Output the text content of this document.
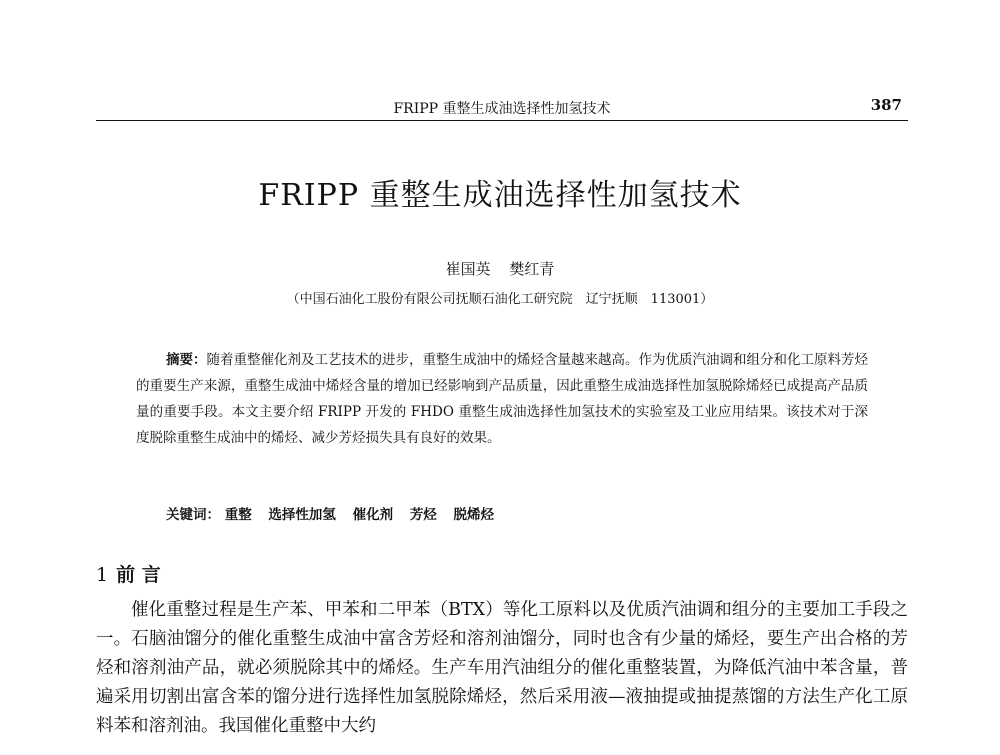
FRIPP 重整生成油选择性加氢技术	387
FRIPP 重整生成油选择性加氢技术
崔国英 樊红青
（中国石油化工股份有限公司抚顺石油化工研究院　辽宁抚顺　113001）
摘要：随着重整催化剂及工艺技术的进步，重整生成油中的烯烃含量越来越高。作为优质汽油调和组分和化工原料芳烃的重要生产来源，重整生成油中烯烃含量的增加已经影响到产品质量，因此重整生成油选择性加氢脱除烯烃已成提高产品质量的重要手段。本文主要介绍 FRIPP 开发的 FHDO 重整生成油选择性加氢技术的实验室及工业应用结果。该技术对于深度脱除重整生成油中的烯烃、减少芳烃损失具有良好的效果。
关键词： 重整 选择性加氢 催化剂 芳烃 脱烯烃
1 前 言
催化重整过程是生产苯、甲苯和二甲苯（BTX）等化工原料以及优质汽油调和组分的主要加工手段之一。石脑油馏分的催化重整生成油中富含芳烃和溶剂油馏分，同时也含有少量的烯烃，要生产出合格的芳烃和溶剂油产品，就必须脱除其中的烯烃。生产车用汽油组分的催化重整装置，为降低汽油中苯含量，普遍采用切割出富含苯的馏分进行选择性加氢脱除烯烃，然后采用液—液抽提或抽提蒸馏的方法生产化工原料苯和溶剂油。我国催化重整中大约
